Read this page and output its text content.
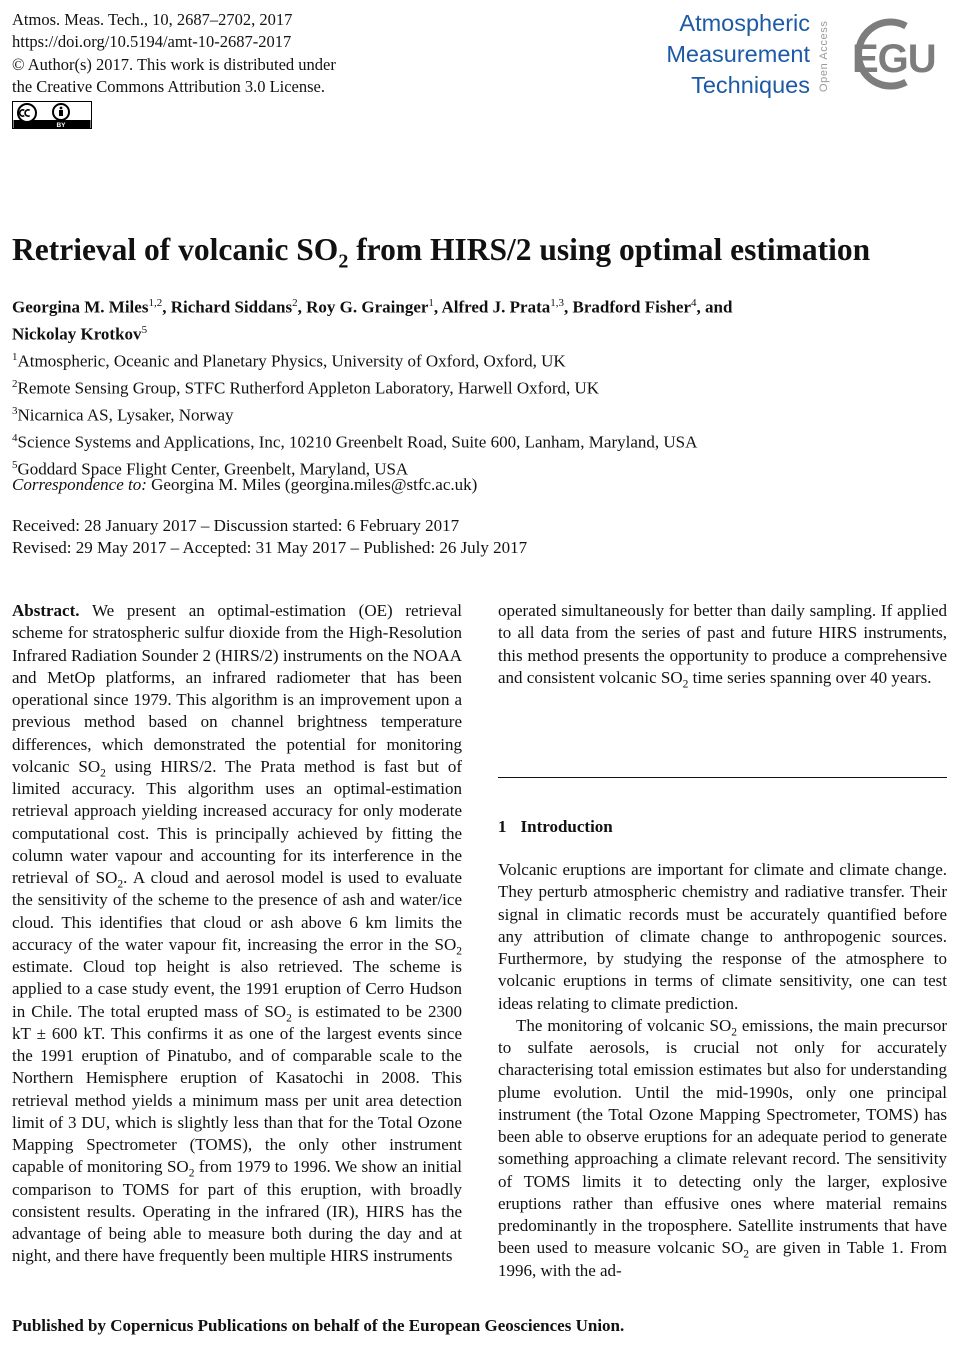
Atmos. Meas. Tech., 10, 2687–2702, 2017
https://doi.org/10.5194/amt-10-2687-2017
© Author(s) 2017. This work is distributed under
the Creative Commons Attribution 3.0 License.
BY
Atmospheric
Measurement
Techniques Open Access EGU
Retrieval of volcanic $SO_2$ from HIRS/2 using optimal estimation
Georgina M. Miles$^{1,2}$, Richard Siddans$^2$, Roy G. Grainger$^1$, Alfred J. Prata$^{1,3}$, Bradford Fisher$^4$, and
Nickolay Krotkov$^5$
$^1$Atmospheric, Oceanic and Planetary Physics, University of Oxford, Oxford, UK
$^2$Remote Sensing Group, STFC Rutherford Appleton Laboratory, Harwell Oxford, UK
$^3$Nicarnica AS, Lysaker, Norway
$^4$Science Systems and Applications, Inc, 10210 Greenbelt Road, Suite 600, Lanham, Maryland, USA
$^5$Goddard Space Flight Center, Greenbelt, Maryland, USA
Correspondence to: Georgina M. Miles (georgina.miles@stfc.ac.uk)
Received: 28 January 2017 – Discussion started: 6 February 2017
Revised: 29 May 2017 – Accepted: 31 May 2017 – Published: 26 July 2017
Abstract. We present an optimal-estimation (OE) retrieval scheme for stratospheric sulfur dioxide from the High-Resolution Infrared Radiation Sounder 2 (HIRS/2) instruments on the NOAA and MetOp platforms, an infrared radiometer that has been operational since 1979. This algorithm is an improvement upon a previous method based on channel brightness temperature differences, which demonstrated the potential for monitoring volcanic $SO_2$ using HIRS/2. The Prata method is fast but of limited accuracy. This algorithm uses an optimal-estimation retrieval approach yielding increased accuracy for only moderate computational cost. This is principally achieved by fitting the column water vapour and accounting for its interference in the retrieval of $SO_2$. A cloud and aerosol model is used to evaluate the sensitivity of the scheme to the presence of ash and water/ice cloud. This identifies that cloud or ash above 6 km limits the accuracy of the water vapour fit, increasing the error in the $SO_2$ estimate. Cloud top height is also retrieved. The scheme is applied to a case study event, the 1991 eruption of Cerro Hudson in Chile. The total erupted mass of $SO_2$ is estimated to be 2300 kT ± 600 kT. This confirms it as one of the largest events since the 1991 eruption of Pinatubo, and of comparable scale to the Northern Hemisphere eruption of Kasatochi in 2008. This retrieval method yields a minimum mass per unit area detection limit of 3 DU, which is slightly less than that for the Total Ozone Mapping Spectrometer (TOMS), the only other instrument capable of monitoring $SO_2$ from 1979 to 1996. We show an initial comparison to TOMS for part of this eruption, with broadly consistent results. Operating in the infrared (IR), HIRS has the advantage of being able to measure both during the day and at night, and there have frequently been multiple HIRS instruments
operated simultaneously for better than daily sampling. If applied to all data from the series of past and future HIRS instruments, this method presents the opportunity to produce a comprehensive and consistent volcanic $SO_2$ time series spanning over 40 years.
1 Introduction

Volcanic eruptions are important for climate and climate change. They perturb atmospheric chemistry and radiative transfer. Their signal in climatic records must be accurately quantified before any attribution of climate change to anthropogenic sources. Furthermore, by studying the response of the atmosphere to volcanic eruptions in terms of climate sensitivity, one can test ideas relating to climate prediction.

The monitoring of volcanic $SO_2$ emissions, the main precursor to sulfate aerosols, is crucial not only for accurately characterising total emission estimates but also for understanding plume evolution. Until the mid-1990s, only one principal instrument (the Total Ozone Mapping Spectrometer, TOMS) has been able to observe eruptions for an adequate period to generate something approaching a climate relevant record. The sensitivity of TOMS limits it to detecting only the larger, explosive eruptions rather than effusive ones where material remains predominantly in the troposphere. Satellite instruments that have been used to measure volcanic $SO_2$ are given in Table 1. From 1996, with the ad-

Published by Copernicus Publications on behalf of the European Geosciences Union.
